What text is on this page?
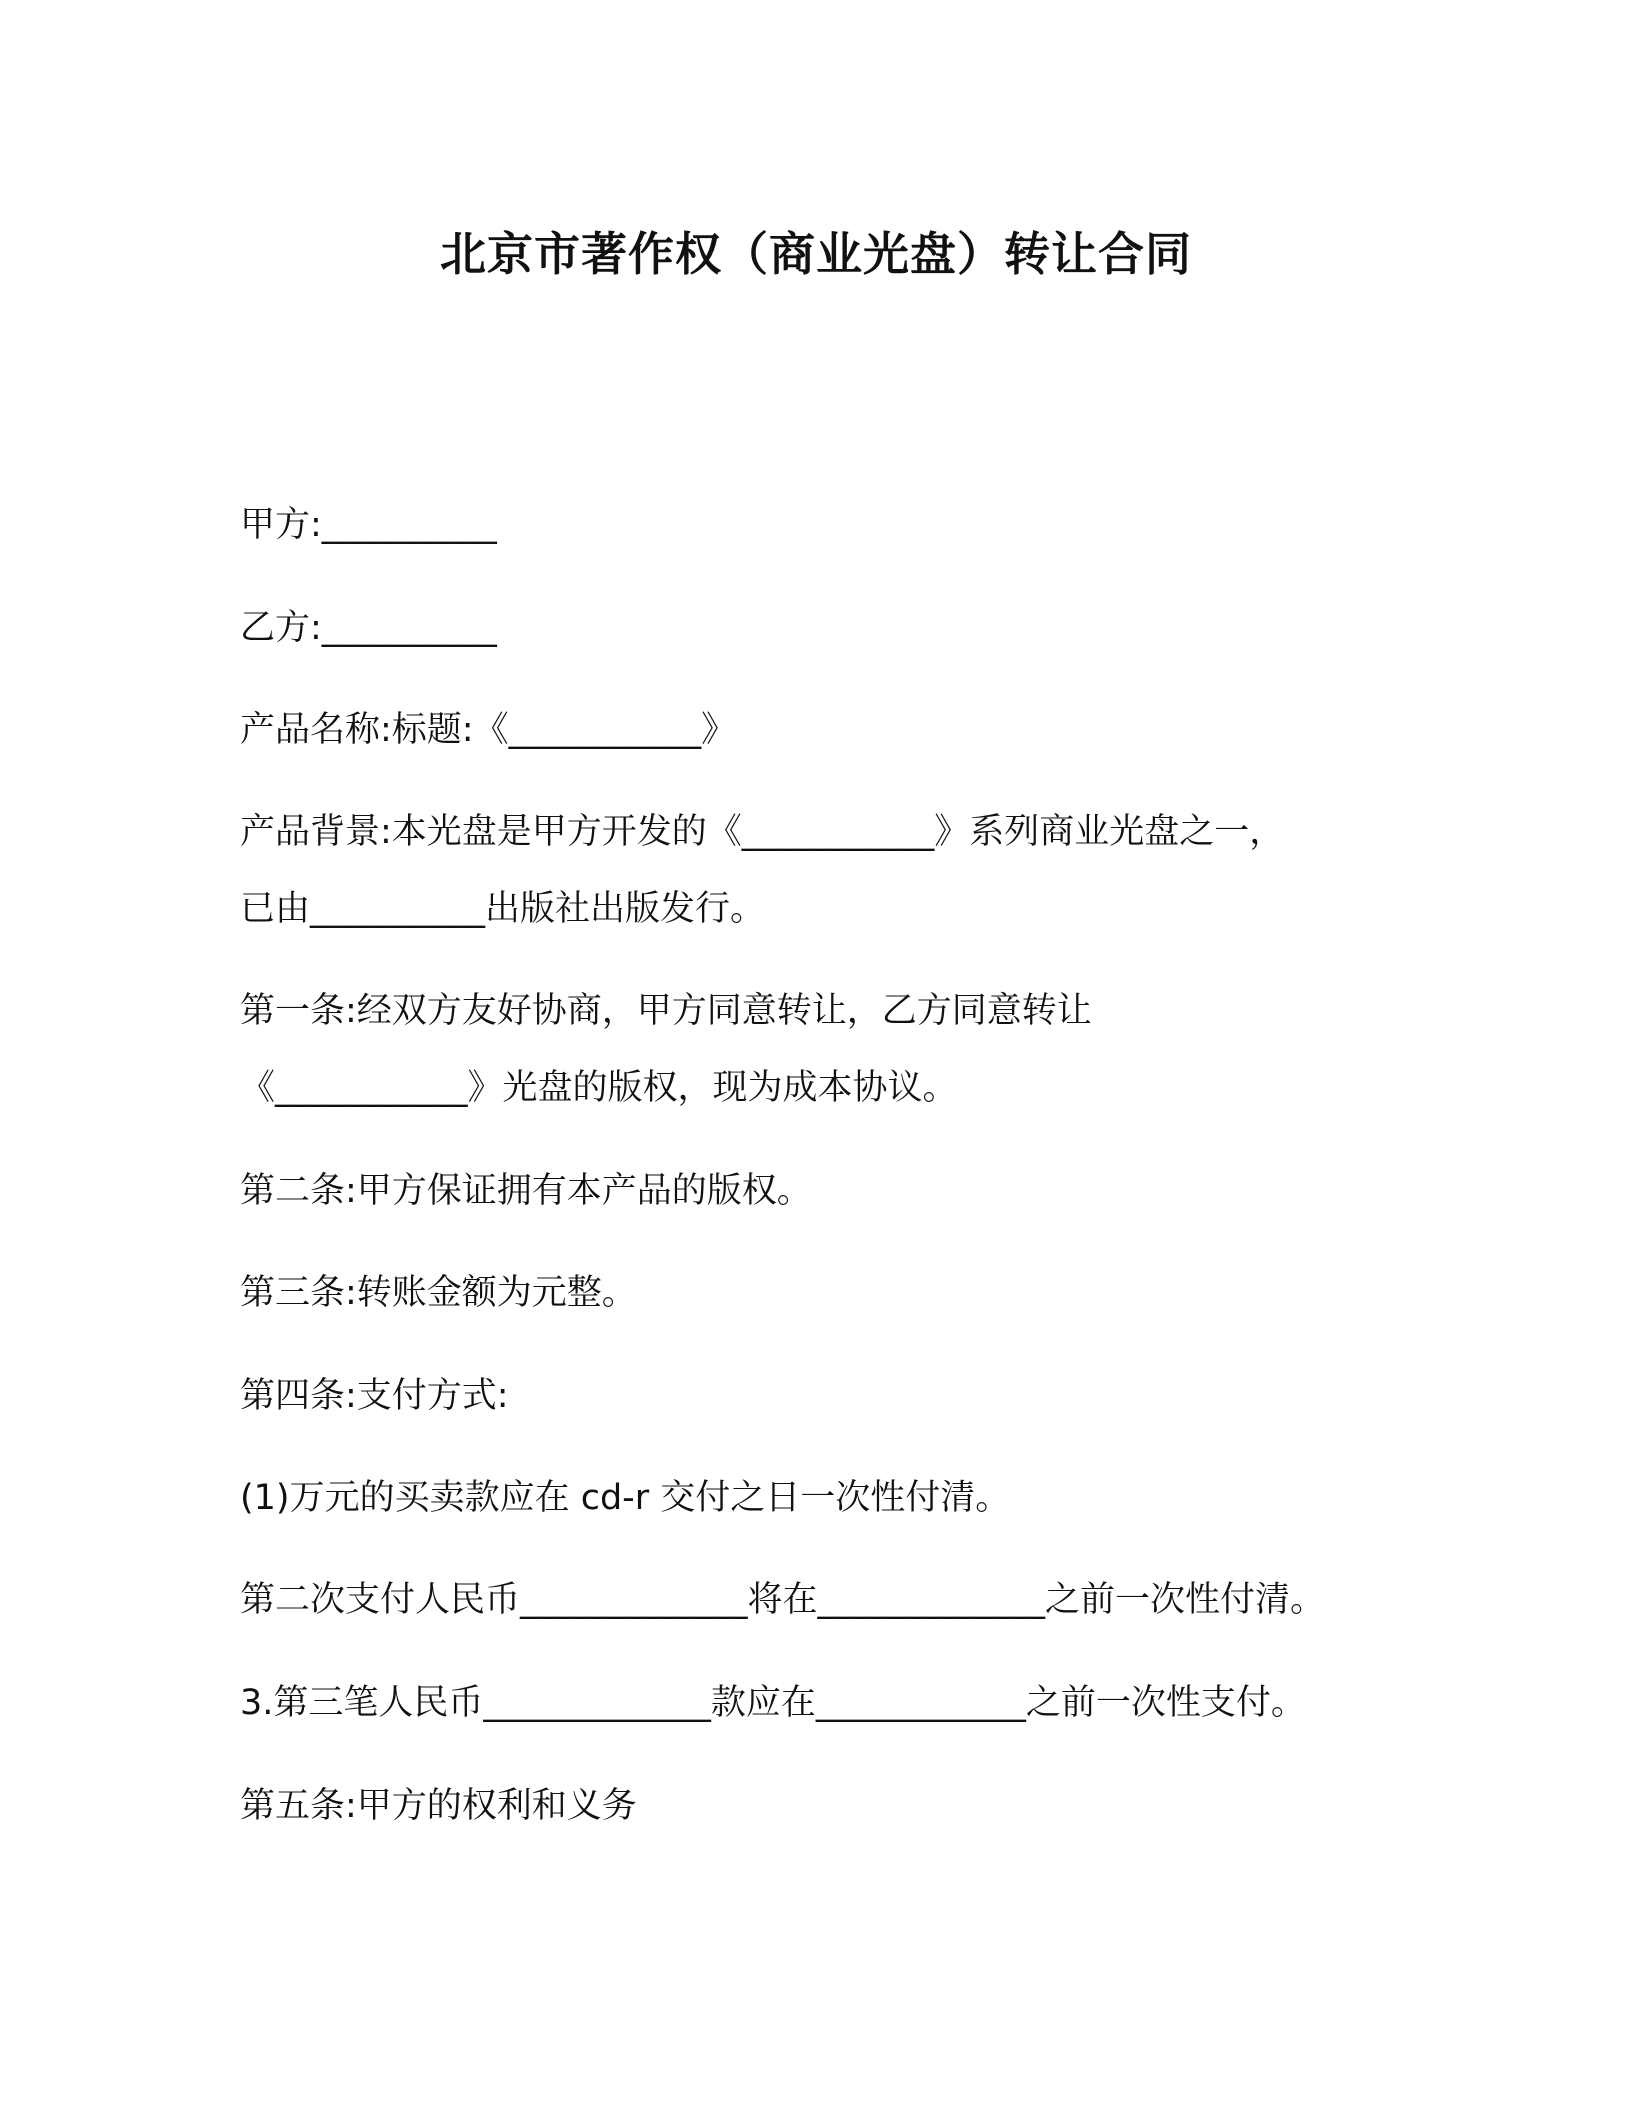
北京市著作权（商业光盘）转让合同

甲方:__________

乙方:__________

产品名称:标题:《___________》

产品背景:本光盘是甲方开发的《___________》系列商业光盘之一，

已由__________出版社出版发行。

第一条:经双方友好协商，甲方同意转让，乙方同意转让

《___________》光盘的版权，现为成本协议。

第二条:甲方保证拥有本产品的版权。

第三条:转账金额为元整。

第四条:支付方式:

(1)万元的买卖款应在 cd-r 交付之日一次性付清。

第二次支付人民币_____________将在_____________之前一次性付清。

3.第三笔人民币_____________款应在____________之前一次性支付。

第五条:甲方的权利和义务
